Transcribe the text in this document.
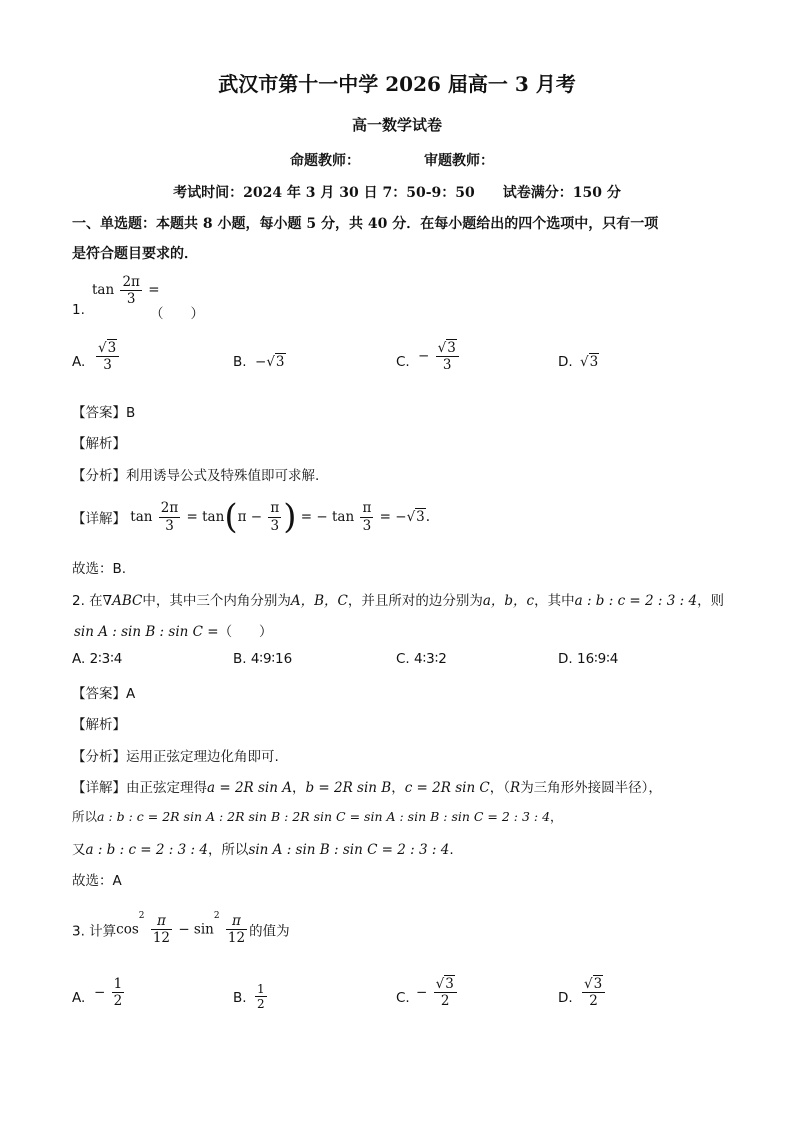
武汉市第十一中学 2026 届高一 3 月考
高一数学试卷
命题教师：	审题教师：
考试时间：2024 年 3 月 30 日 7：50-9：50　　试卷满分：150 分
一、单选题：本题共 8 小题，每小题 5 分，共 40 分．在每小题给出的四个选项中，只有一项
是符合题目要求的．
1.
$\tan \frac{2\pi}{3}$ =
（　　）
A. $\frac{√3}{3}$	B. −√3	C. − $\frac{√3}{3}$	D. √3
【答案】B
【解析】
【分析】利用诱导公式及特殊值即可求解.
【详解】 $\tan \frac{2\pi}{3} = \tan(\pi - \frac{\pi}{3}$ ) = − $\tan \frac{\pi}{3} = -√3$.
故选：B.
2. 在∇ABC中，其中三个内角分别为A，B，C，并且所对的边分别为a，b，c，其中a : b : c = 2 : 3 : 4，则
sin A : sin B : sin C =（　　）
A. 2∶3∶4	B. 4∶9∶16	C. 4∶3∶2	D. 16∶9∶4
【答案】A
【解析】
【分析】运用正弦定理边化角即可.
【详解】由正弦定理得a = 2R sin A，b = 2R sin B，c = 2R sin C，（R为三角形外接圆半径），
所以a : b : c = 2R sin A : 2R sin B : 2R sin C = sin A : sin B : sin C = 2 : 3 : 4，
又a : b : c = 2 : 3 : 4，所以sin A : sin B : sin C = 2 : 3 : 4.
故选：A
3. 计算$\cos^2 \frac{\pi}{12} - \sin^2 \frac{\pi}{12}$ 的值为
A. − $\frac{1}{2}$	B. $\frac{1}{2}$	C. − $\frac{√3}{2}$	D. $\frac{√3}{2}$
